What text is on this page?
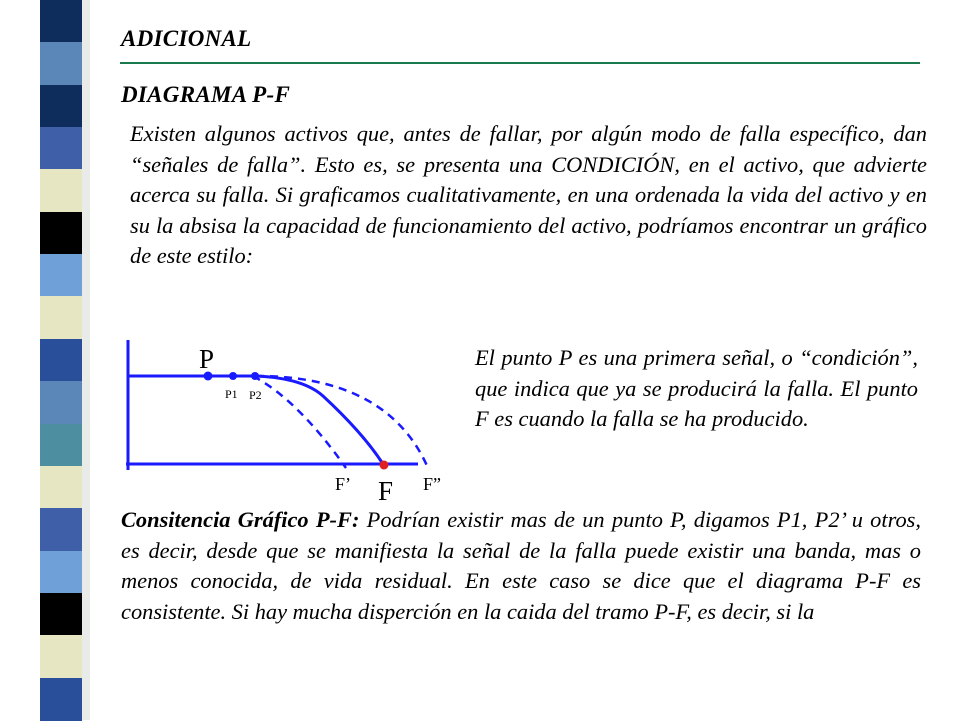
ADICIONAL
DIAGRAMA P-F

Existen algunos activos que, antes de fallar, por algún modo de falla específico, dan “señales de falla”. Esto es, se presenta una CONDICIÓN, en el activo, que advierte acerca su falla. Si graficamos cualitativamente, en una ordenada la vida del activo y en su la absisa la capacidad de funcionamiento del activo, podríamos encontrar un gráfico de este estilo:

P
P1 P2
F’ F F”

El punto P es una primera señal, o “condición”, que indica que ya se producirá la falla. El punto F es cuando la falla se ha producido.

Consitencia Gráfico P-F: Podrían existir mas de un punto P, digamos P1, P2’ u otros, es decir, desde que se manifiesta la señal de la falla puede existir una banda, mas o menos conocida, de vida residual. En este caso se dice que el diagrama P-F es consistente. Si hay mucha disperción en la caida del tramo P-F, es decir, si la
